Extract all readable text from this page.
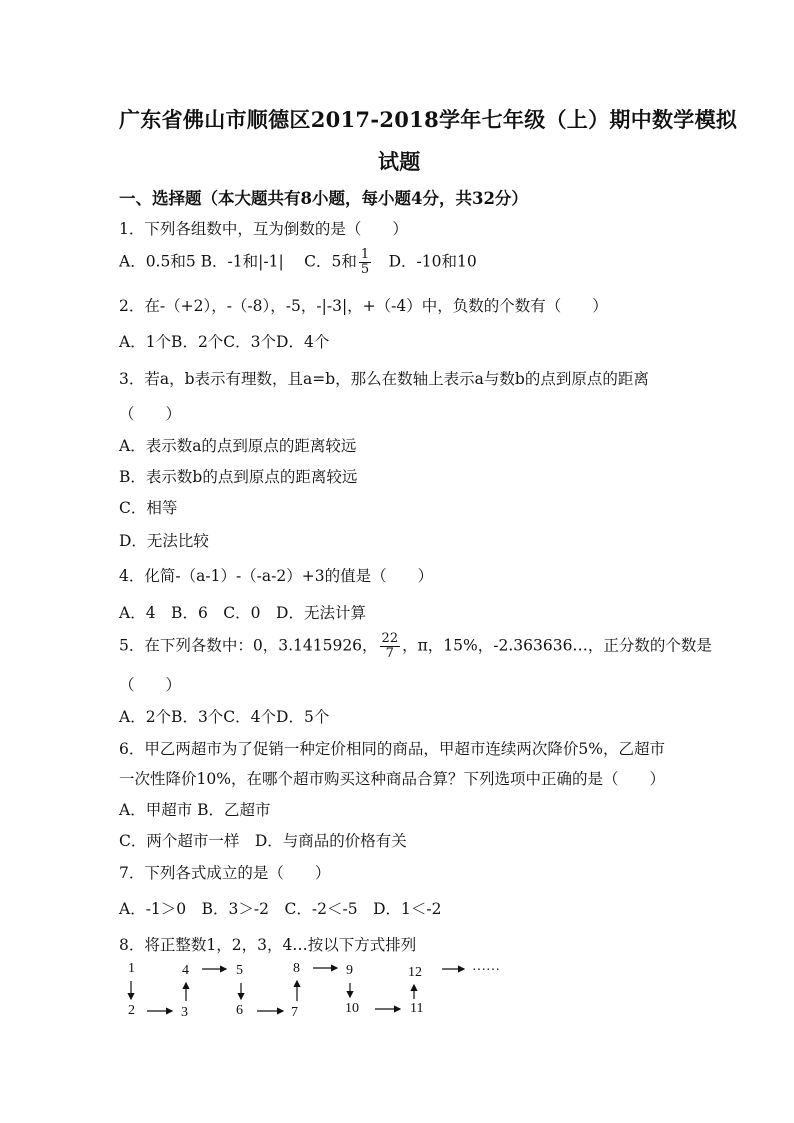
广东省佛山市顺德区2017-2018学年七年级（上）期中数学模拟
试题
一、选择题（本大题共有8小题，每小题4分，共32分）
1．下列各组数中，互为倒数的是（　　）
A．0.5和5 B．-1和|-1|　 C．5和 $\frac{1}{5}$ 　D．-10和10
2．在-（+2），-（-8），-5，-|-3|，+（-4）中，负数的个数有（　　）
A．1个B．2个C．3个D．4个
3．若a，b表示有理数，且a=b，那么在数轴上表示a与数b的点到原点的距离
（　　）
A．表示数a的点到原点的距离较远
B．表示数b的点到原点的距离较远
C．相等
D．无法比较
4．化简-（a-1）-（-a-2）+3的值是（　　）
A．4　B．6　C．0　D．无法计算
5．在下列各数中：0，3.1415926， $\frac{22}{7}$ ，π，15%，-2.363636…，正分数的个数是
（　　）
A．2个B．3个C．4个D．5个
6．甲乙两超市为了促销一种定价相同的商品，甲超市连续两次降价5%，乙超市
一次性降价10%，在哪个超市购买这种商品合算？下列选项中正确的是（　　）
A．甲超市 B．乙超市
C．两个超市一样　D．与商品的价格有关
7．下列各式成立的是（　　）
A．-1＞0　B．3＞-2　C．-2＜-5　D．1＜-2
8．将正整数1，2，3，4…按以下方式排列
1
2	3
4	5
6	7
8	9
10	11
12	……
